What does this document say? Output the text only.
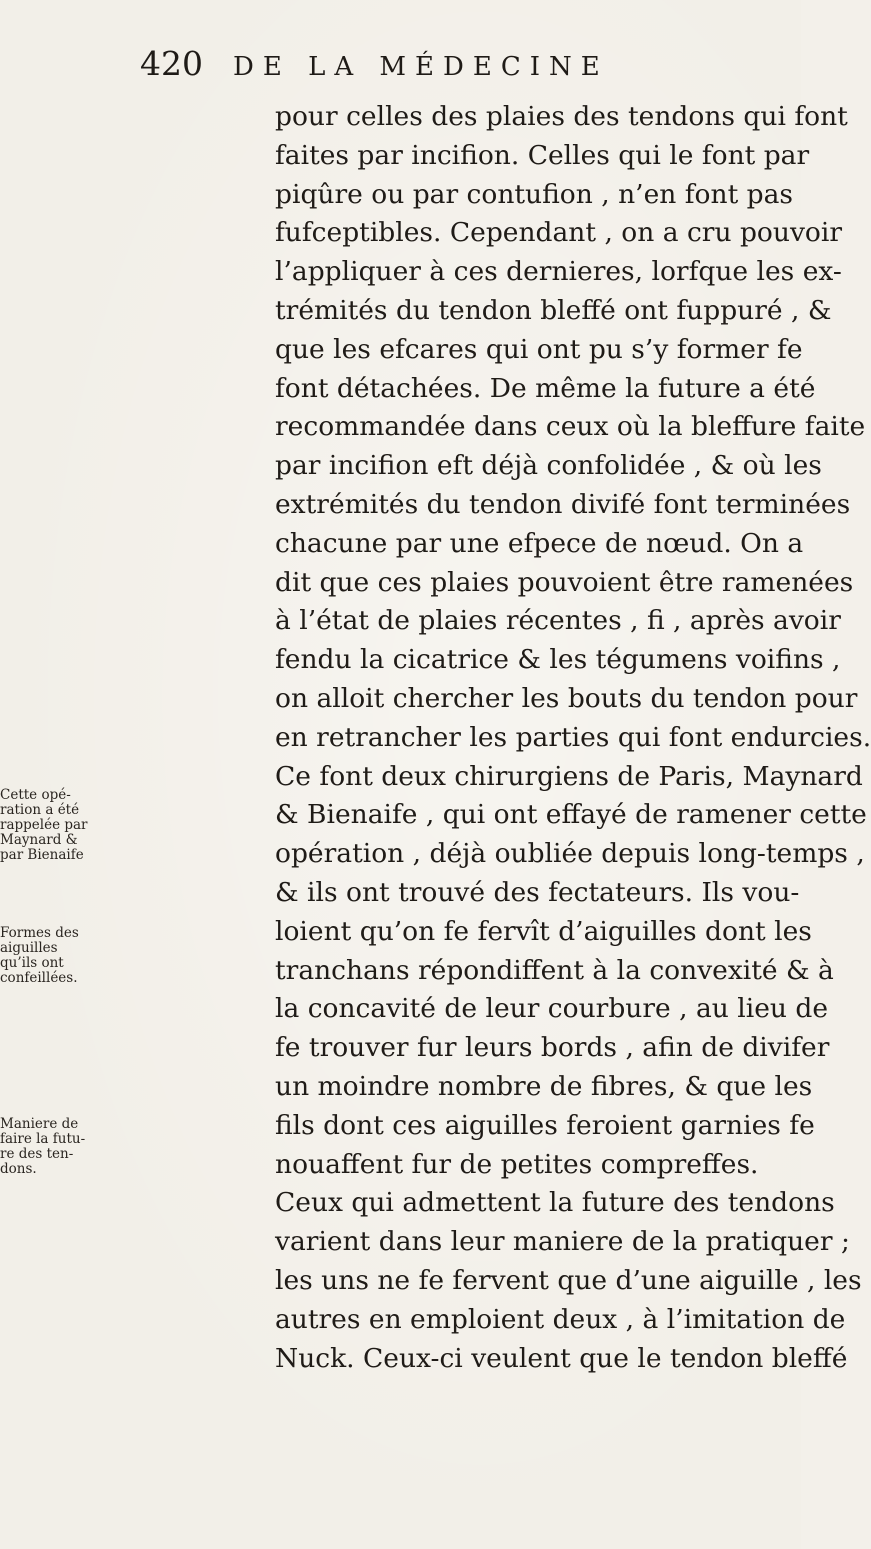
420 DE LA MÉDECINE
pour celles des plaies des tendons qui font
faites par incifion. Celles qui le font par
piqûre ou par contufion , n’en font pas
fufceptibles. Cependant , on a cru pouvoir
l’appliquer à ces dernieres, lorfque les ex-
trémités du tendon bleffé ont fuppuré , &
que les efcares qui ont pu s’y former fe
font détachées. De même la future a été
recommandée dans ceux où la bleffure faite
par incifion eft déjà confolidée , & où les
extrémités du tendon divifé font terminées
chacune par une efpece de nœud. On a
dit que ces plaies pouvoient être ramenées
à l’état de plaies récentes , fi , après avoir
fendu la cicatrice & les tégumens voifins ,
on alloit chercher les bouts du tendon pour
en retrancher les parties qui font endurcies.
Ce font deux chirurgiens de Paris, Maynard
& Bienaife , qui ont effayé de ramener cette
opération , déjà oubliée depuis long-temps ,
& ils ont trouvé des fectateurs. Ils vou-
loient qu’on fe fervît d’aiguilles dont les
tranchans répondiffent à la convexité & à
la concavité de leur courbure , au lieu de
fe trouver fur leurs bords , afin de divifer
un moindre nombre de fibres, & que les
fils dont ces aiguilles feroient garnies fe
nouaffent fur de petites compreffes.
Ceux qui admettent la future des tendons
varient dans leur maniere de la pratiquer ;
les uns ne fe fervent que d’une aiguille , les
autres en emploient deux , à l’imitation de
Nuck. Ceux-ci veulent que le tendon bleffé
Cette opé-
ration a été
rappelée par
Maynard &
par Bienaife
Formes des
aiguilles
qu’ils ont
confeillées.
Maniere de
faire la futu-
re des ten-
dons.
